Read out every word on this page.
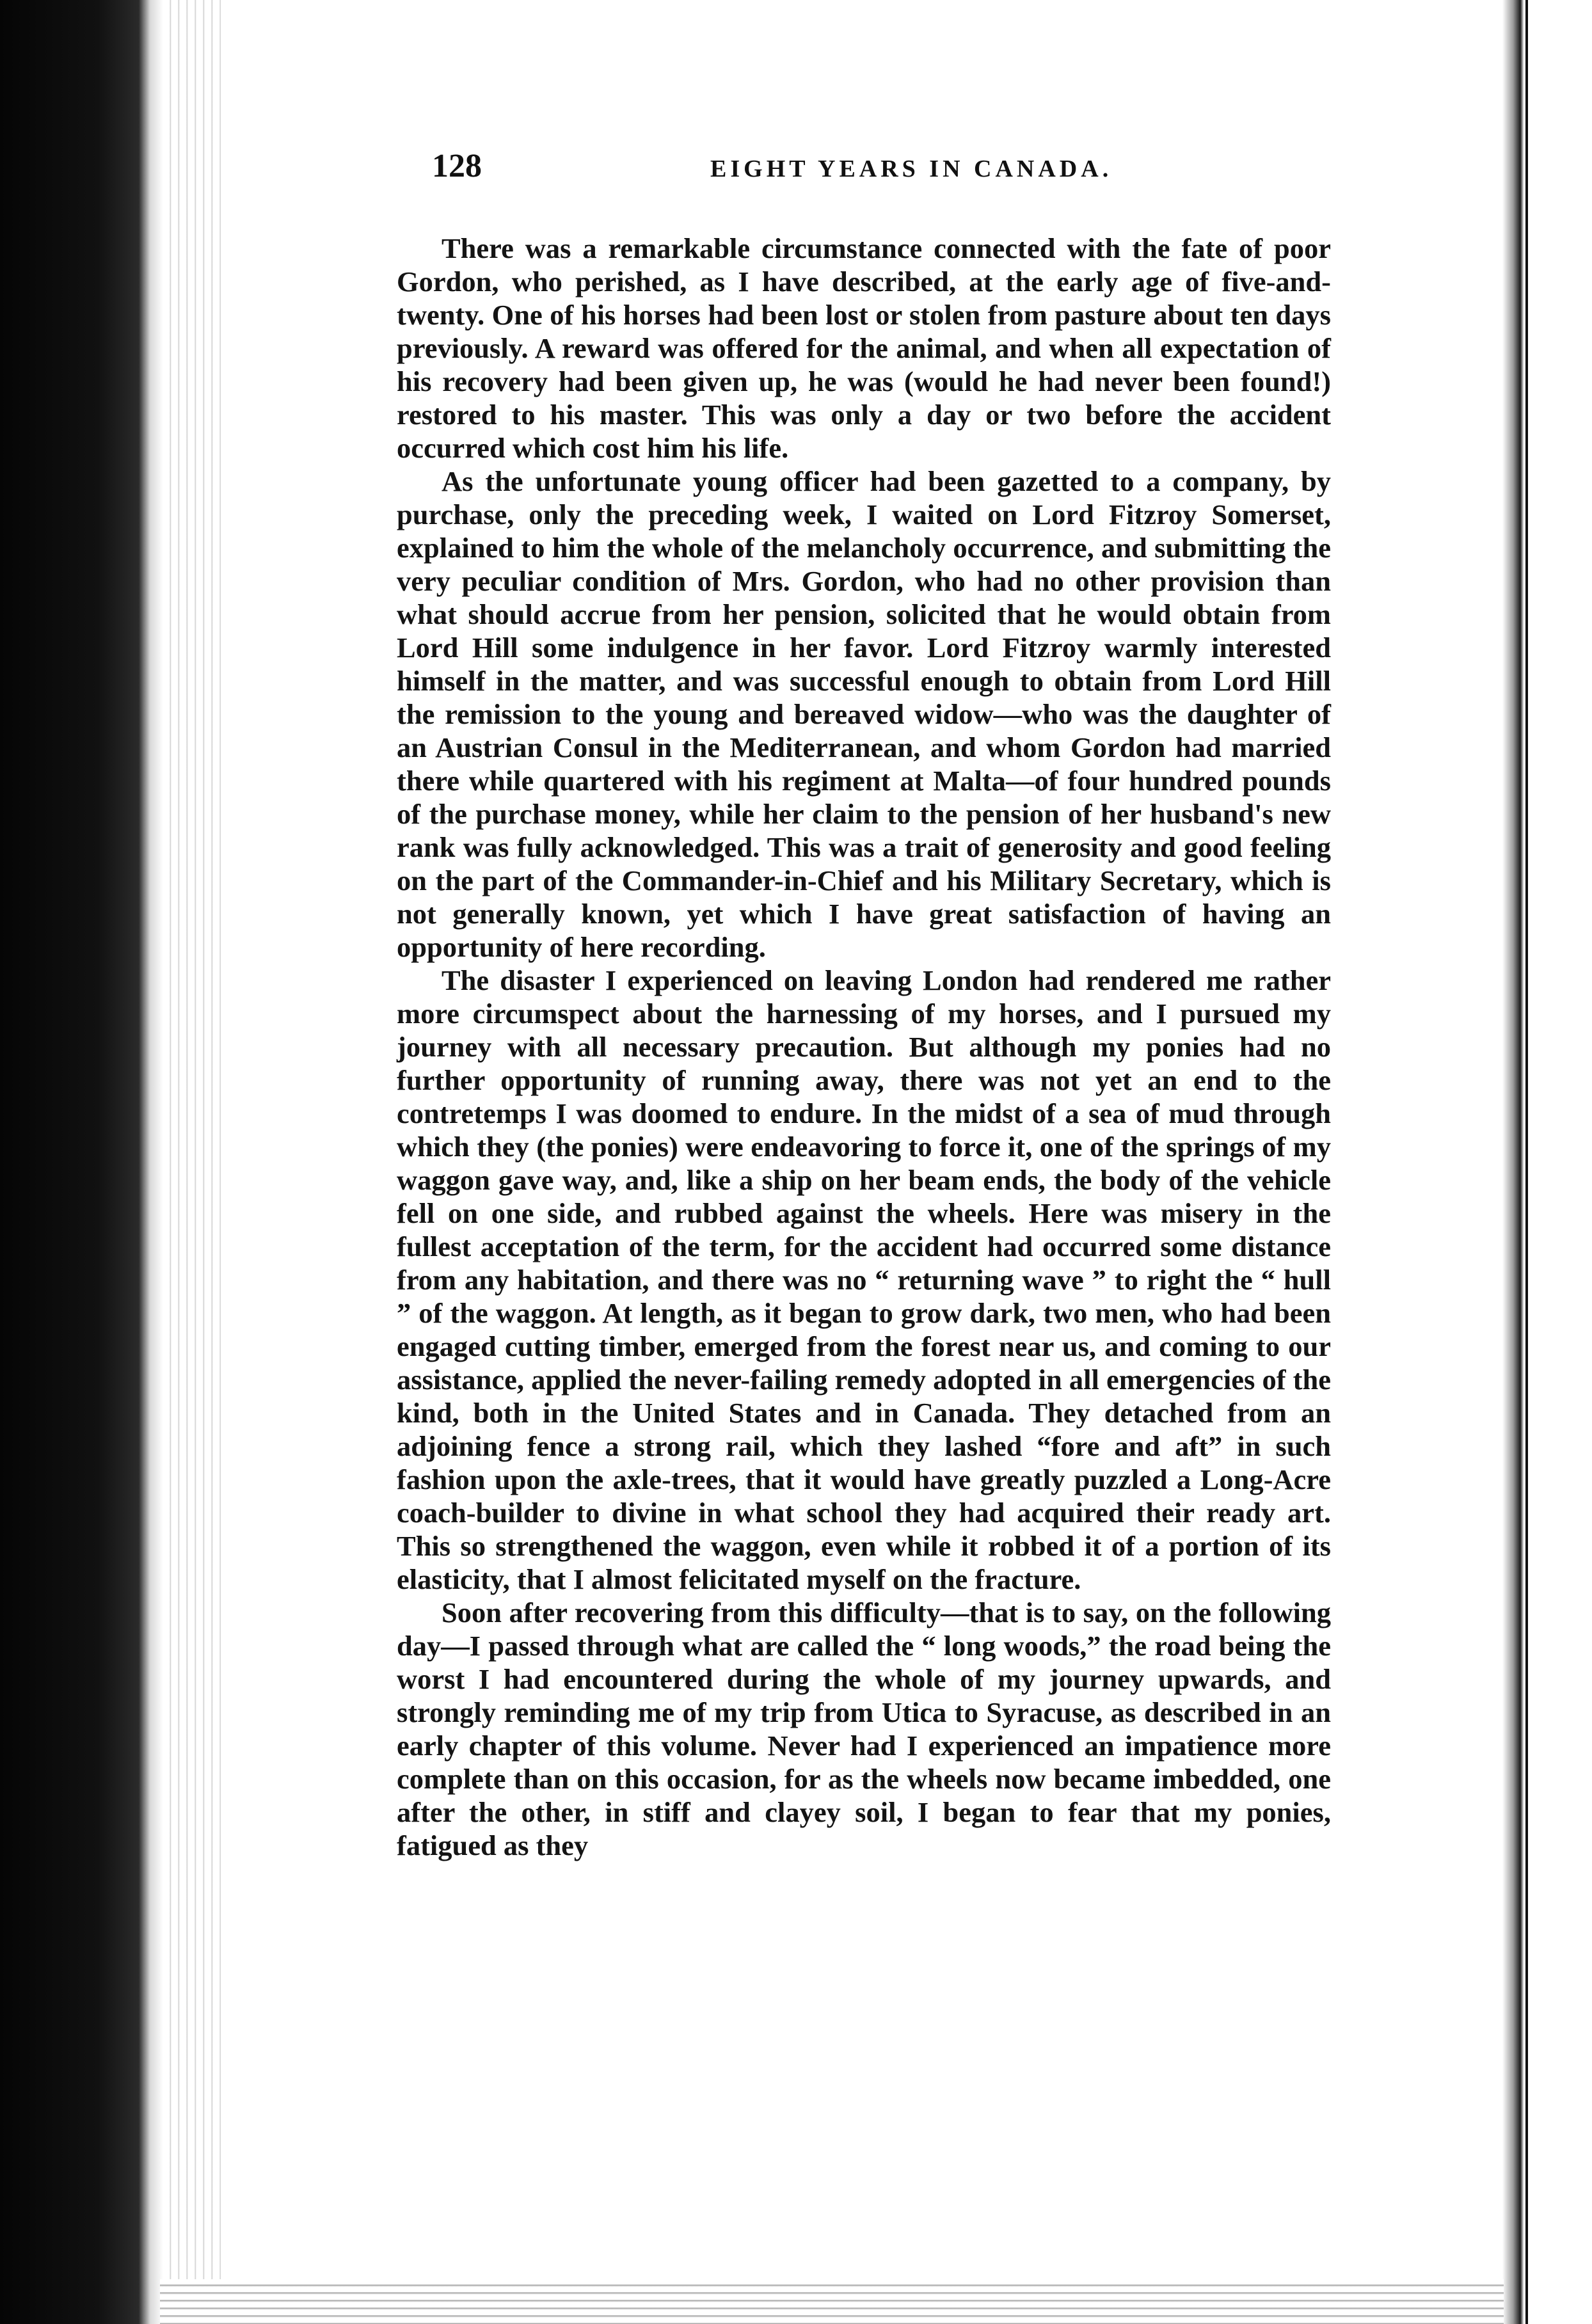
128	EIGHT YEARS IN CANADA.

There was a remarkable circumstance connected with the fate of poor Gordon, who perished, as I have described, at the early age of five-and-twenty. One of his horses had been lost or stolen from pasture about ten days previously. A reward was offered for the animal, and when all expectation of his recovery had been given up, he was (would he had never been found!) restored to his master. This was only a day or two before the accident occurred which cost him his life.

As the unfortunate young officer had been gazetted to a company, by purchase, only the preceding week, I waited on Lord Fitzroy Somerset, explained to him the whole of the melancholy occurrence, and submitting the very peculiar condition of Mrs. Gordon, who had no other provision than what should accrue from her pension, solicited that he would obtain from Lord Hill some indulgence in her favor. Lord Fitzroy warmly interested himself in the matter, and was successful enough to obtain from Lord Hill the remission to the young and bereaved widow—who was the daughter of an Austrian Consul in the Mediterranean, and whom Gordon had married there while quartered with his regiment at Malta—of four hundred pounds of the purchase money, while her claim to the pension of her husband's new rank was fully acknowledged. This was a trait of generosity and good feeling on the part of the Commander-in-Chief and his Military Secretary, which is not generally known, yet which I have great satisfaction of having an opportunity of here recording.

The disaster I experienced on leaving London had rendered me rather more circumspect about the harnessing of my horses, and I pursued my journey with all necessary precaution. But although my ponies had no further opportunity of running away, there was not yet an end to the contretemps I was doomed to endure. In the midst of a sea of mud through which they (the ponies) were endeavoring to force it, one of the springs of my waggon gave way, and, like a ship on her beam ends, the body of the vehicle fell on one side, and rubbed against the wheels. Here was misery in the fullest acceptation of the term, for the accident had occurred some distance from any habitation, and there was no “ returning wave ” to right the “ hull ” of the waggon. At length, as it began to grow dark, two men, who had been engaged cutting timber, emerged from the forest near us, and coming to our assistance, applied the never-failing remedy adopted in all emergencies of the kind, both in the United States and in Canada. They detached from an adjoining fence a strong rail, which they lashed “fore and aft” in such fashion upon the axle-trees, that it would have greatly puzzled a Long-Acre coach-builder to divine in what school they had acquired their ready art. This so strengthened the waggon, even while it robbed it of a portion of its elasticity, that I almost felicitated myself on the fracture.

Soon after recovering from this difficulty—that is to say, on the following day—I passed through what are called the “ long woods,” the road being the worst I had encountered during the whole of my journey upwards, and strongly reminding me of my trip from Utica to Syracuse, as described in an early chapter of this volume. Never had I experienced an impatience more complete than on this occasion, for as the wheels now became imbedded, one after the other, in stiff and clayey soil, I began to fear that my ponies, fatigued as they
